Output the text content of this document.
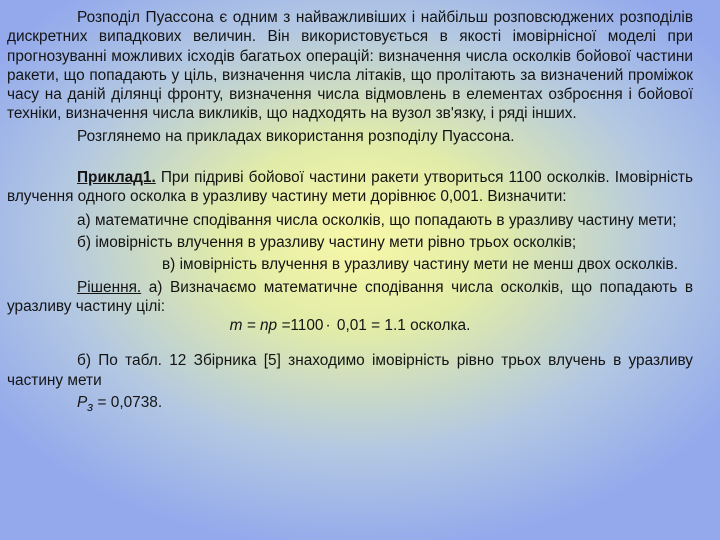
Розподіл Пуассона є одним з найважливіших і найбільш розповсюджених розподілів дискретних випадкових величин. Він використовується в якості імовірнісної моделі при прогнозуванні можливих ісходів багатьох операцій: визначення числа осколків бойової частини ракети, що попадають у ціль, визначення числа літаків, що пролітають за визначений проміжок часу на даній ділянці фронту, визначення числа відмовлень в елементах озброєння і бойової техніки, визначення числа викликів, що надходять на вузол зв'язку, і ряді інших.

Розглянемо на прикладах використання розподілу Пуассона.

Приклад1. При підриві бойової частини ракети утвориться 1100 осколків. Імовірність влучення одного осколка в уразливу частину мети дорівнює 0,001. Визначити:

а) математичне сподівання числа осколків, що попадають в уразливу частину мети;

б) імовірність влучення в уразливу частину мети рівно трьох осколків;

в) імовірність влучення в уразливу частину мети не менш двох осколків.

Рішення. а) Визначаємо математичне сподівання числа осколків, що попадають в уразливу частину цілі:

m = np =1100 · 0,01 = 1.1 осколка.

б) По табл. 12 Збірника [5] знаходимо імовірність рівно трьох влучень в уразливу частину мети

$P_з = 0,0738$.
